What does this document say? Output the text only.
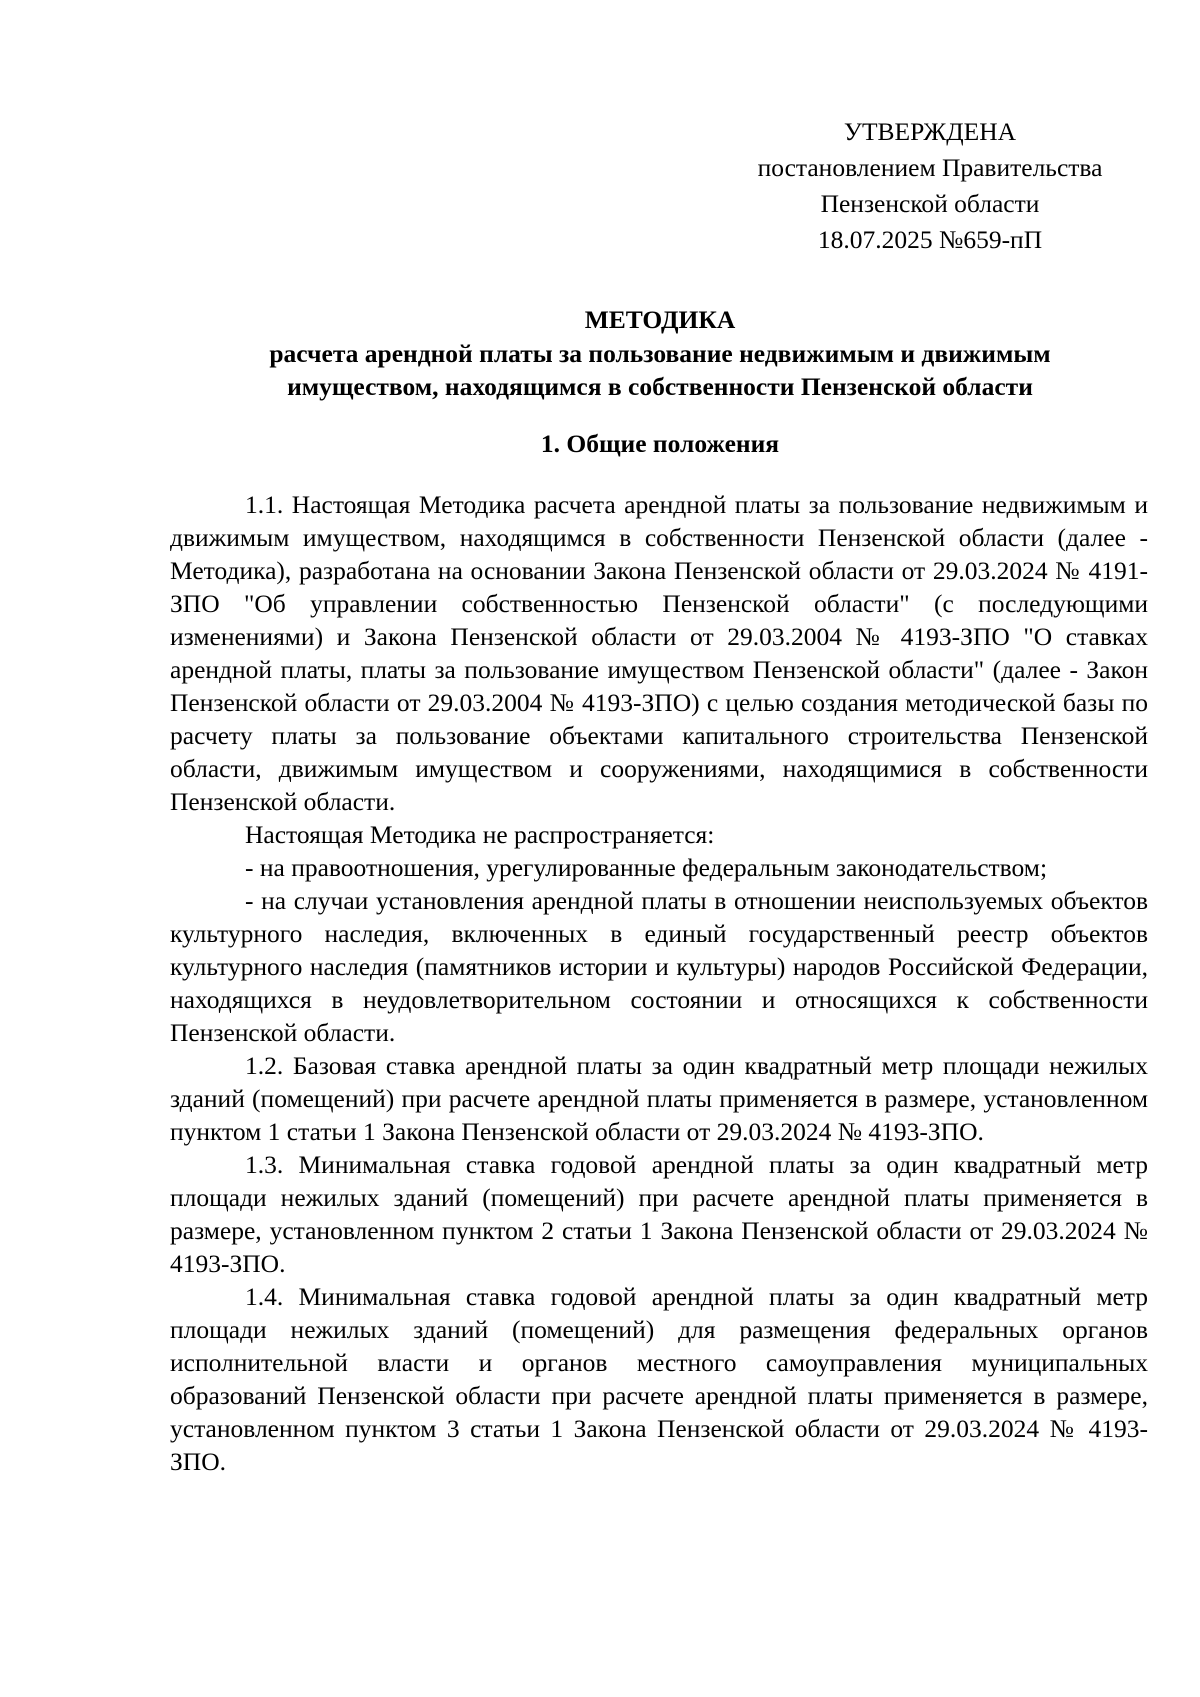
УТВЕРЖДЕНА
постановлением Правительства
Пензенской области
18.07.2025 №659-пП
МЕТОДИКА
расчета арендной платы за пользование недвижимым и движимым
имуществом, находящимся в собственности Пензенской области
1. Общие положения

1.1. Настоящая Методика расчета арендной платы за пользование недвижимым и движимым имуществом, находящимся в собственности Пензенской области (далее - Методика), разработана на основании Закона Пензенской области от 29.03.2024 № 4191-ЗПО "Об управлении собственностью Пензенской области" (с последующими изменениями) и Закона Пензенской области от 29.03.2004 № 4193-ЗПО "О ставках арендной платы, платы за пользование имуществом Пензенской области" (далее - Закон Пензенской области от 29.03.2004 № 4193-ЗПО) с целью создания методической базы по расчету платы за пользование объектами капитального строительства Пензенской области, движимым имуществом и сооружениями, находящимися в собственности Пензенской области.

Настоящая Методика не распространяется:

- на правоотношения, урегулированные федеральным законодательством;

- на случаи установления арендной платы в отношении неиспользуемых объектов культурного наследия, включенных в единый государственный реестр объектов культурного наследия (памятников истории и культуры) народов Российской Федерации, находящихся в неудовлетворительном состоянии и относящихся к собственности Пензенской области.

1.2. Базовая ставка арендной платы за один квадратный метр площади нежилых зданий (помещений) при расчете арендной платы применяется в размере, установленном пунктом 1 статьи 1 Закона Пензенской области от 29.03.2024 № 4193-ЗПО.

1.3. Минимальная ставка годовой арендной платы за один квадратный метр площади нежилых зданий (помещений) при расчете арендной платы применяется в размере, установленном пунктом 2 статьи 1 Закона Пензенской области от 29.03.2024 № 4193-ЗПО.

1.4. Минимальная ставка годовой арендной платы за один квадратный метр площади нежилых зданий (помещений) для размещения федеральных органов исполнительной власти и органов местного самоуправления муниципальных образований Пензенской области при расчете арендной платы применяется в размере, установленном пунктом 3 статьи 1 Закона Пензенской области от 29.03.2024 № 4193-ЗПО.
